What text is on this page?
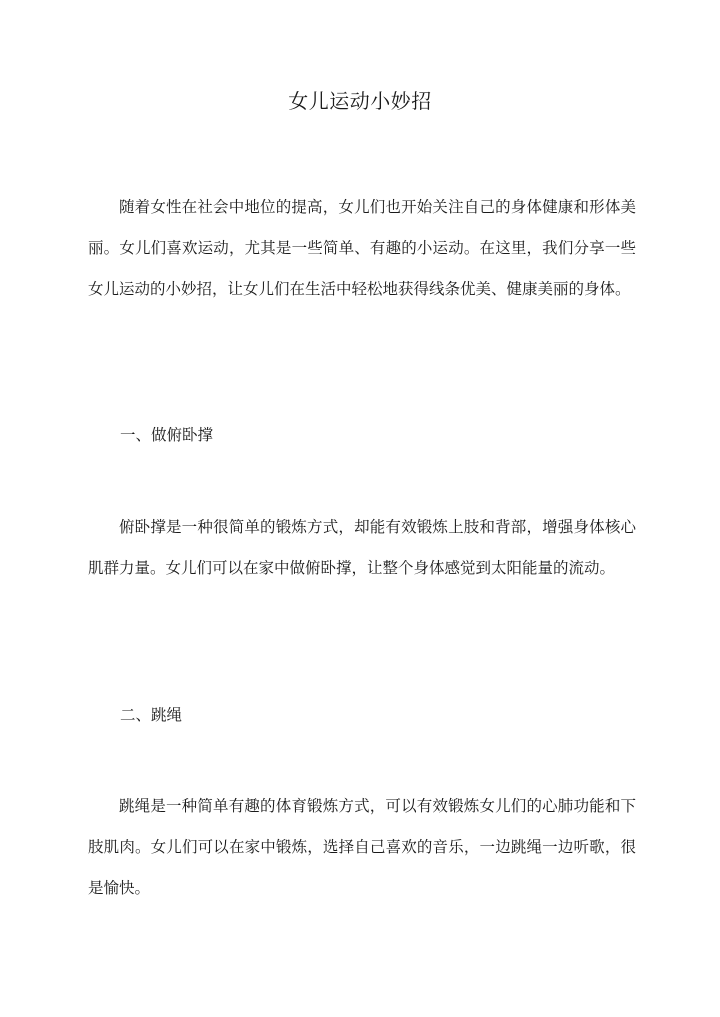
女儿运动小妙招

随着女性在社会中地位的提高，女儿们也开始关注自己的身体健康和形体美丽。女儿们喜欢运动，尤其是一些简单、有趣的小运动。在这里，我们分享一些女儿运动的小妙招，让女儿们在生活中轻松地获得线条优美、健康美丽的身体。

一、做俯卧撑

俯卧撑是一种很简单的锻炼方式，却能有效锻炼上肢和背部，增强身体核心肌群力量。女儿们可以在家中做俯卧撑，让整个身体感觉到太阳能量的流动。

二、跳绳

跳绳是一种简单有趣的体育锻炼方式，可以有效锻炼女儿们的心肺功能和下肢肌肉。女儿们可以在家中锻炼，选择自己喜欢的音乐，一边跳绳一边听歌，很是愉快。
